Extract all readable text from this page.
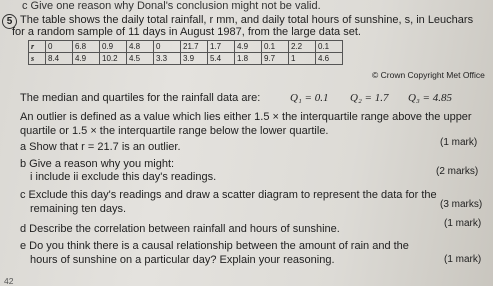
c Give one reason why Donal's conclusion might not be valid.
5 The table shows the daily total rainfall, r mm, and daily total hours of sunshine, s, in Leuchars
for a random sample of 11 days in August 1987, from the large data set.
r	0	6.8	0.9	4.8	0	21.7	1.7	4.9	0.1	2.2	0.1
s	8.4	4.9	10.2	4.5	3.3	3.9	5.4	1.8	9.7	1	4.6
© Crown Copyright Met Office
The median and quartiles for the rainfall data are:	Q₁ = 0.1 Q₂ = 1.7 Q₃ = 4.85
An outlier is defined as a value which lies either 1.5 × the interquartile range above the upper
quartile or 1.5 × the interquartile range below the lower quartile.
a Show that r = 21.7 is an outlier.	(1 mark)
b Give a reason why you might:
i include ii exclude this day's readings.	(2 marks)
c Exclude this day's readings and draw a scatter diagram to represent the data for the
remaining ten days.	(3 marks)
d Describe the correlation between rainfall and hours of sunshine.	(1 mark)
e Do you think there is a causal relationship between the amount of rain and the
hours of sunshine on a particular day? Explain your reasoning.	(1 mark)
42
